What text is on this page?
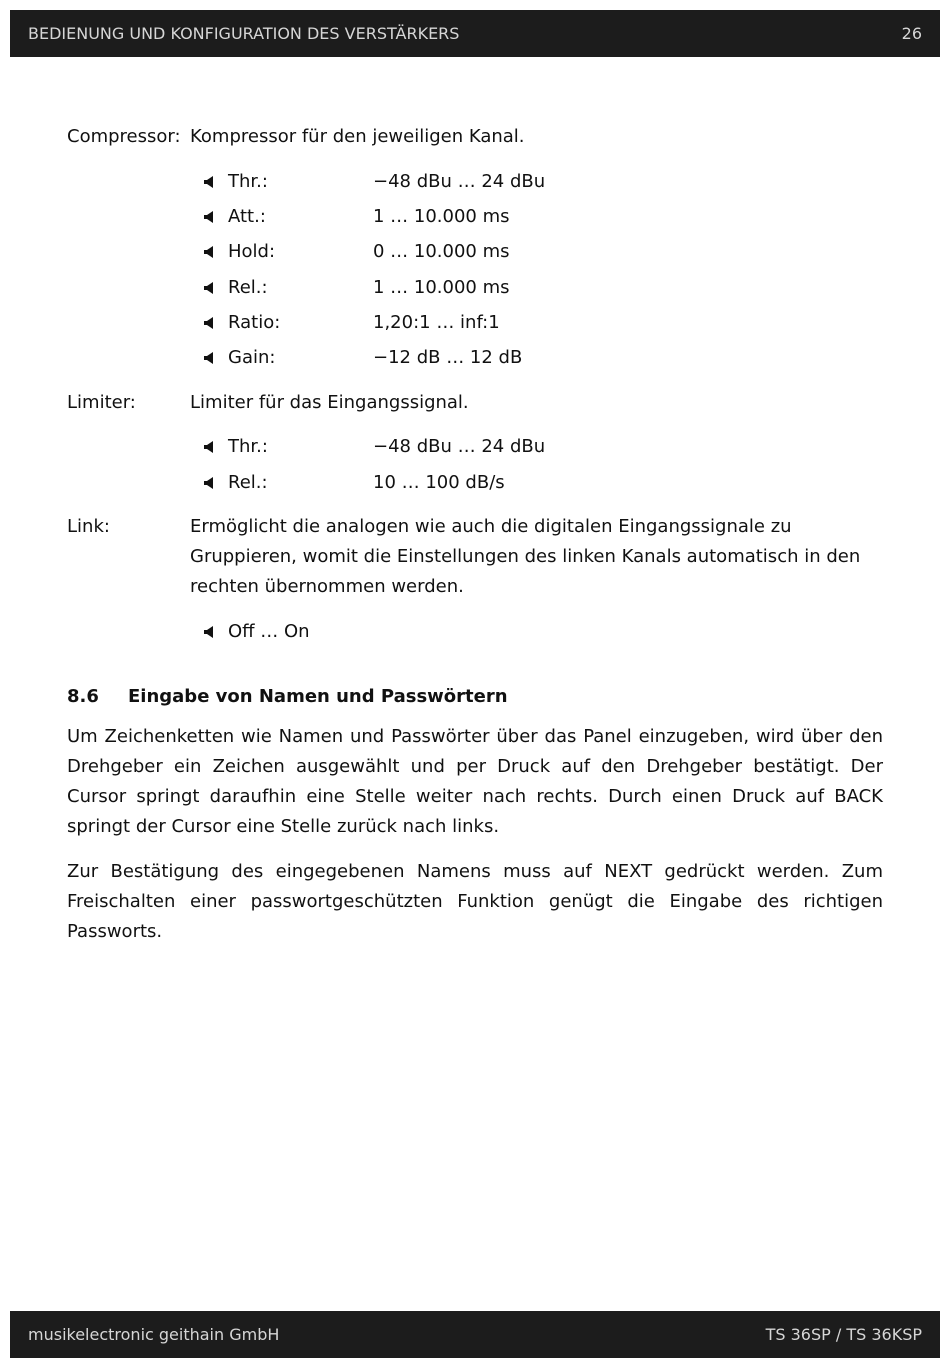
BEDIENUNG UND KONFIGURATION DES VERSTÄRKERS	26
Compressor: Kompressor für den jeweiligen Kanal.
Thr.:	−48 dBu … 24 dBu
Att.:	1 … 10.000 ms
Hold:	0 … 10.000 ms
Rel.:	1 … 10.000 ms
Ratio:	1,20:1 … inf:1
Gain:	−12 dB … 12 dB
Limiter:	Limiter für das Eingangssignal.
Thr.:	−48 dBu … 24 dBu
Rel.:	10 … 100 dB/s
Link:	Ermöglicht die analogen wie auch die digitalen Eingangssignale zu Gruppieren, womit die Einstellungen des linken Kanals automatisch in den rechten übernommen werden.
Off … On
8.6	Eingabe von Namen und Passwörtern

Um Zeichenketten wie Namen und Passwörter über das Panel einzugeben, wird über den Drehgeber ein Zeichen ausgewählt und per Druck auf den Drehgeber bestätigt. Der Cursor springt daraufhin eine Stelle weiter nach rechts. Durch einen Druck auf BACK springt der Cursor eine Stelle zurück nach links.

Zur Bestätigung des eingegebenen Namens muss auf NEXT gedrückt werden. Zum Freischalten einer passwortgeschützten Funktion genügt die Eingabe des richtigen Passworts.

musikelectronic geithain GmbH	TS 36SP / TS 36KSP
